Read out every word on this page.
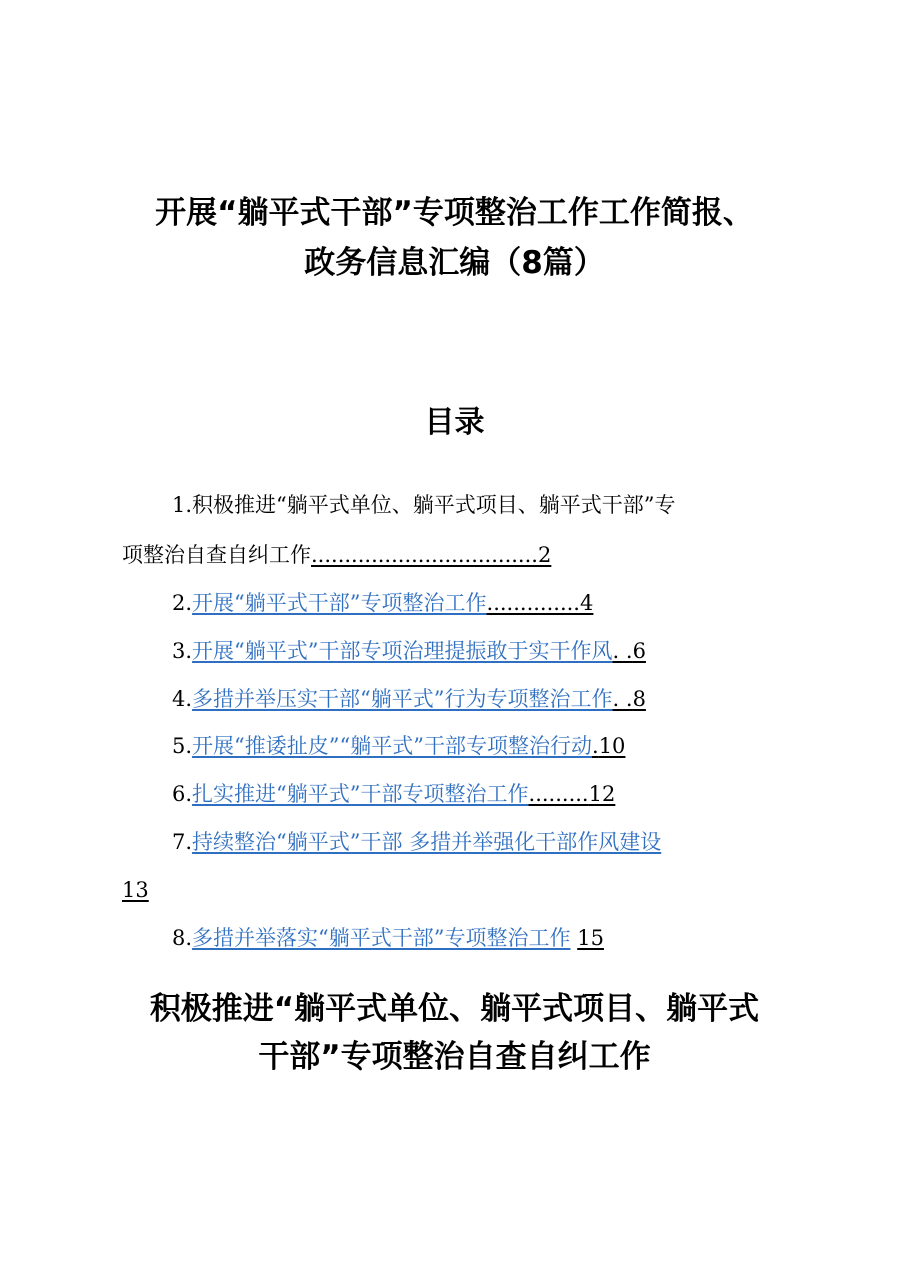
开展“躺平式干部”专项整治工作工作简报、
政务信息汇编（8篇）
目录
1.积极推进“躺平式单位、躺平式项目、躺平式干部”专
项整治自查自纠工作..................................2
2.开展“躺平式干部”专项整治工作..............4
3.开展“躺平式”干部专项治理提振敢于实干作风. .6
4.多措并举压实干部“躺平式”行为专项整治工作. .8
5.开展“推诿扯皮”“躺平式”干部专项整治行动.10
6.扎实推进“躺平式”干部专项整治工作.........12
7.持续整治“躺平式”干部 多措并举强化干部作风建设
13
8.多措并举落实“躺平式干部”专项整治工作 15
积极推进“躺平式单位、躺平式项目、躺平式
干部”专项整治自查自纠工作
